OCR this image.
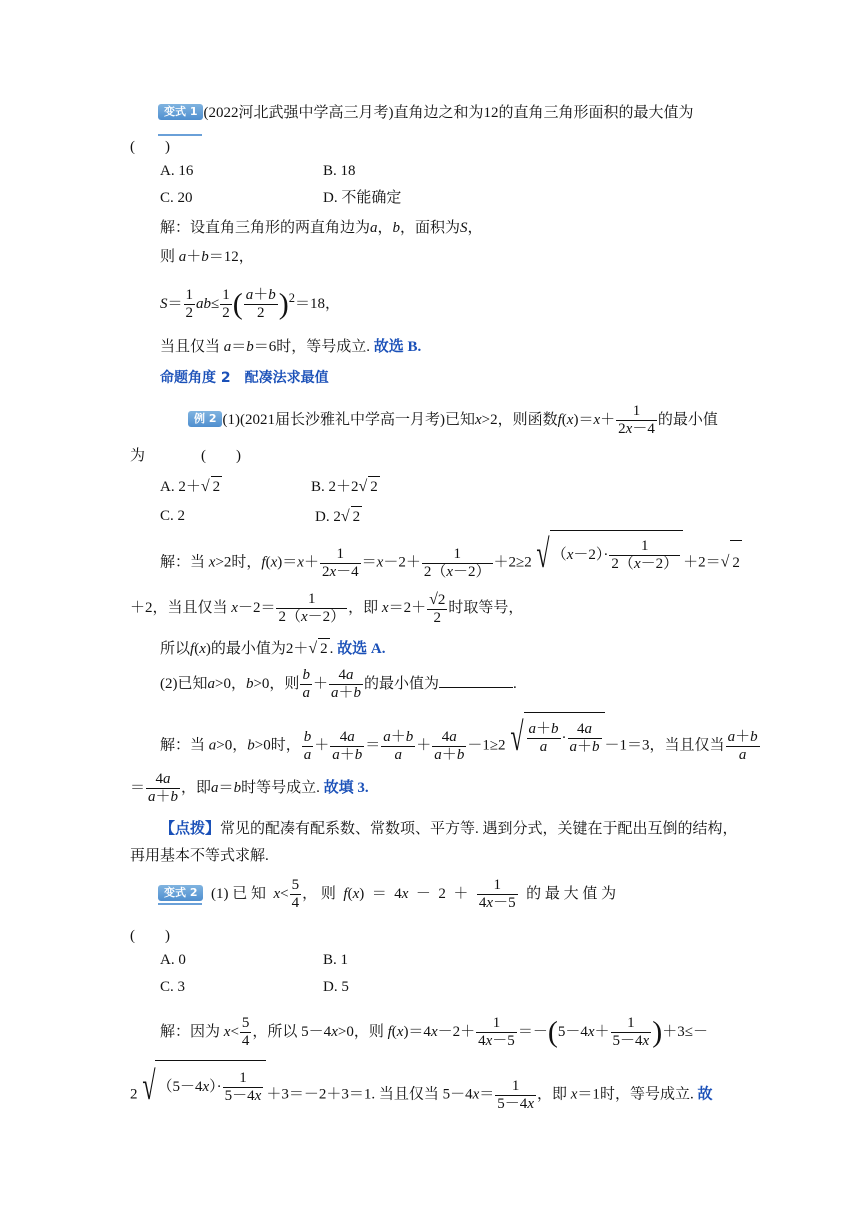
变式 1 (2022河北武强中学高三月考)直角边之和为12的直角三角形面积的最大值为
(　　)
A. 16	B. 18
C. 20	D. 不能确定
解：设直角三角形的两直角边为a，b，面积为S，
则 a＋b＝12，
$S= \frac{1}{2} ab\le \frac{1}{2}$ ( $\frac{a+b}{2} )^2=18$，
当且仅当 a＝b＝6时，等号成立. 故选 B.
命题角度 2　配凑法求最值
例 2 (1)(2021届长沙雅礼中学高一月考)已知x>2，则函数$f(x)=x+ \frac{1}{2x-4}$ 的最小值
为	(　　)
A. 2＋√ 2	B. 2＋2√ 2
C. 2	D. 2√ 2
解：当 x>2时，$f(x)=x+ \frac{1}{2x-4} =x-2+ \frac{1}{2(x-2)} +2\ge 2$ √ （ $x -2)\cdot \frac{1}{2(x-2)} +2=√$ 2
＋2，当且仅当 $x-2= \frac{1}{2(x-2)}$ ，即 $x=2+ \frac{√2}{2}$ 时取等号，
所以f(x)的最小值为2＋√ 2 . 故选 A.
(2)已知a>0，b>0，则 $\frac{b}{a} + \frac{4a}{a+b}$ 的最小值为	.
解：当 a>0，b>0时， $\frac{b}{a} + \frac{4a}{a+b} = \frac{a+b}{a} + \frac{4a}{a+b} -1\ge 2$ √ $\frac{a+b}{a} \cdot \frac{4a}{a+b} -1=3$，当且仅当 $\frac{a+b}{a}$
＝ $\frac{4a}{a+b}$ ，即a＝b时等号成立. 故填 3.
【点拨】常见的配凑有配系数、常数项、平方等. 遇到分式，关键在于配出互倒的结构，
再用基本不等式求解.
变式 2 (1) 已 知 $x< \frac{5}{4}$ ， 则 $f(x) = 4x - 2 + \frac{1}{4x-5}$ 的 最 大 值 为
(　　)
A. 0	B. 1
C. 3	D. 5
解：因为 $x< \frac{5}{4}$ ，所以 5－4x>0，则 $f(x)=4x-2+ \frac{1}{4x-5} =-(5-4x+ \frac{1}{5-4x} )+3\le-$
2 √ （5－4 x ）· $\frac{1}{5-4x} +3=-2+3=1$. 当且仅当 $5-4x= \frac{1}{5-4x}$ ，即 x＝1时，等号成立. 故
